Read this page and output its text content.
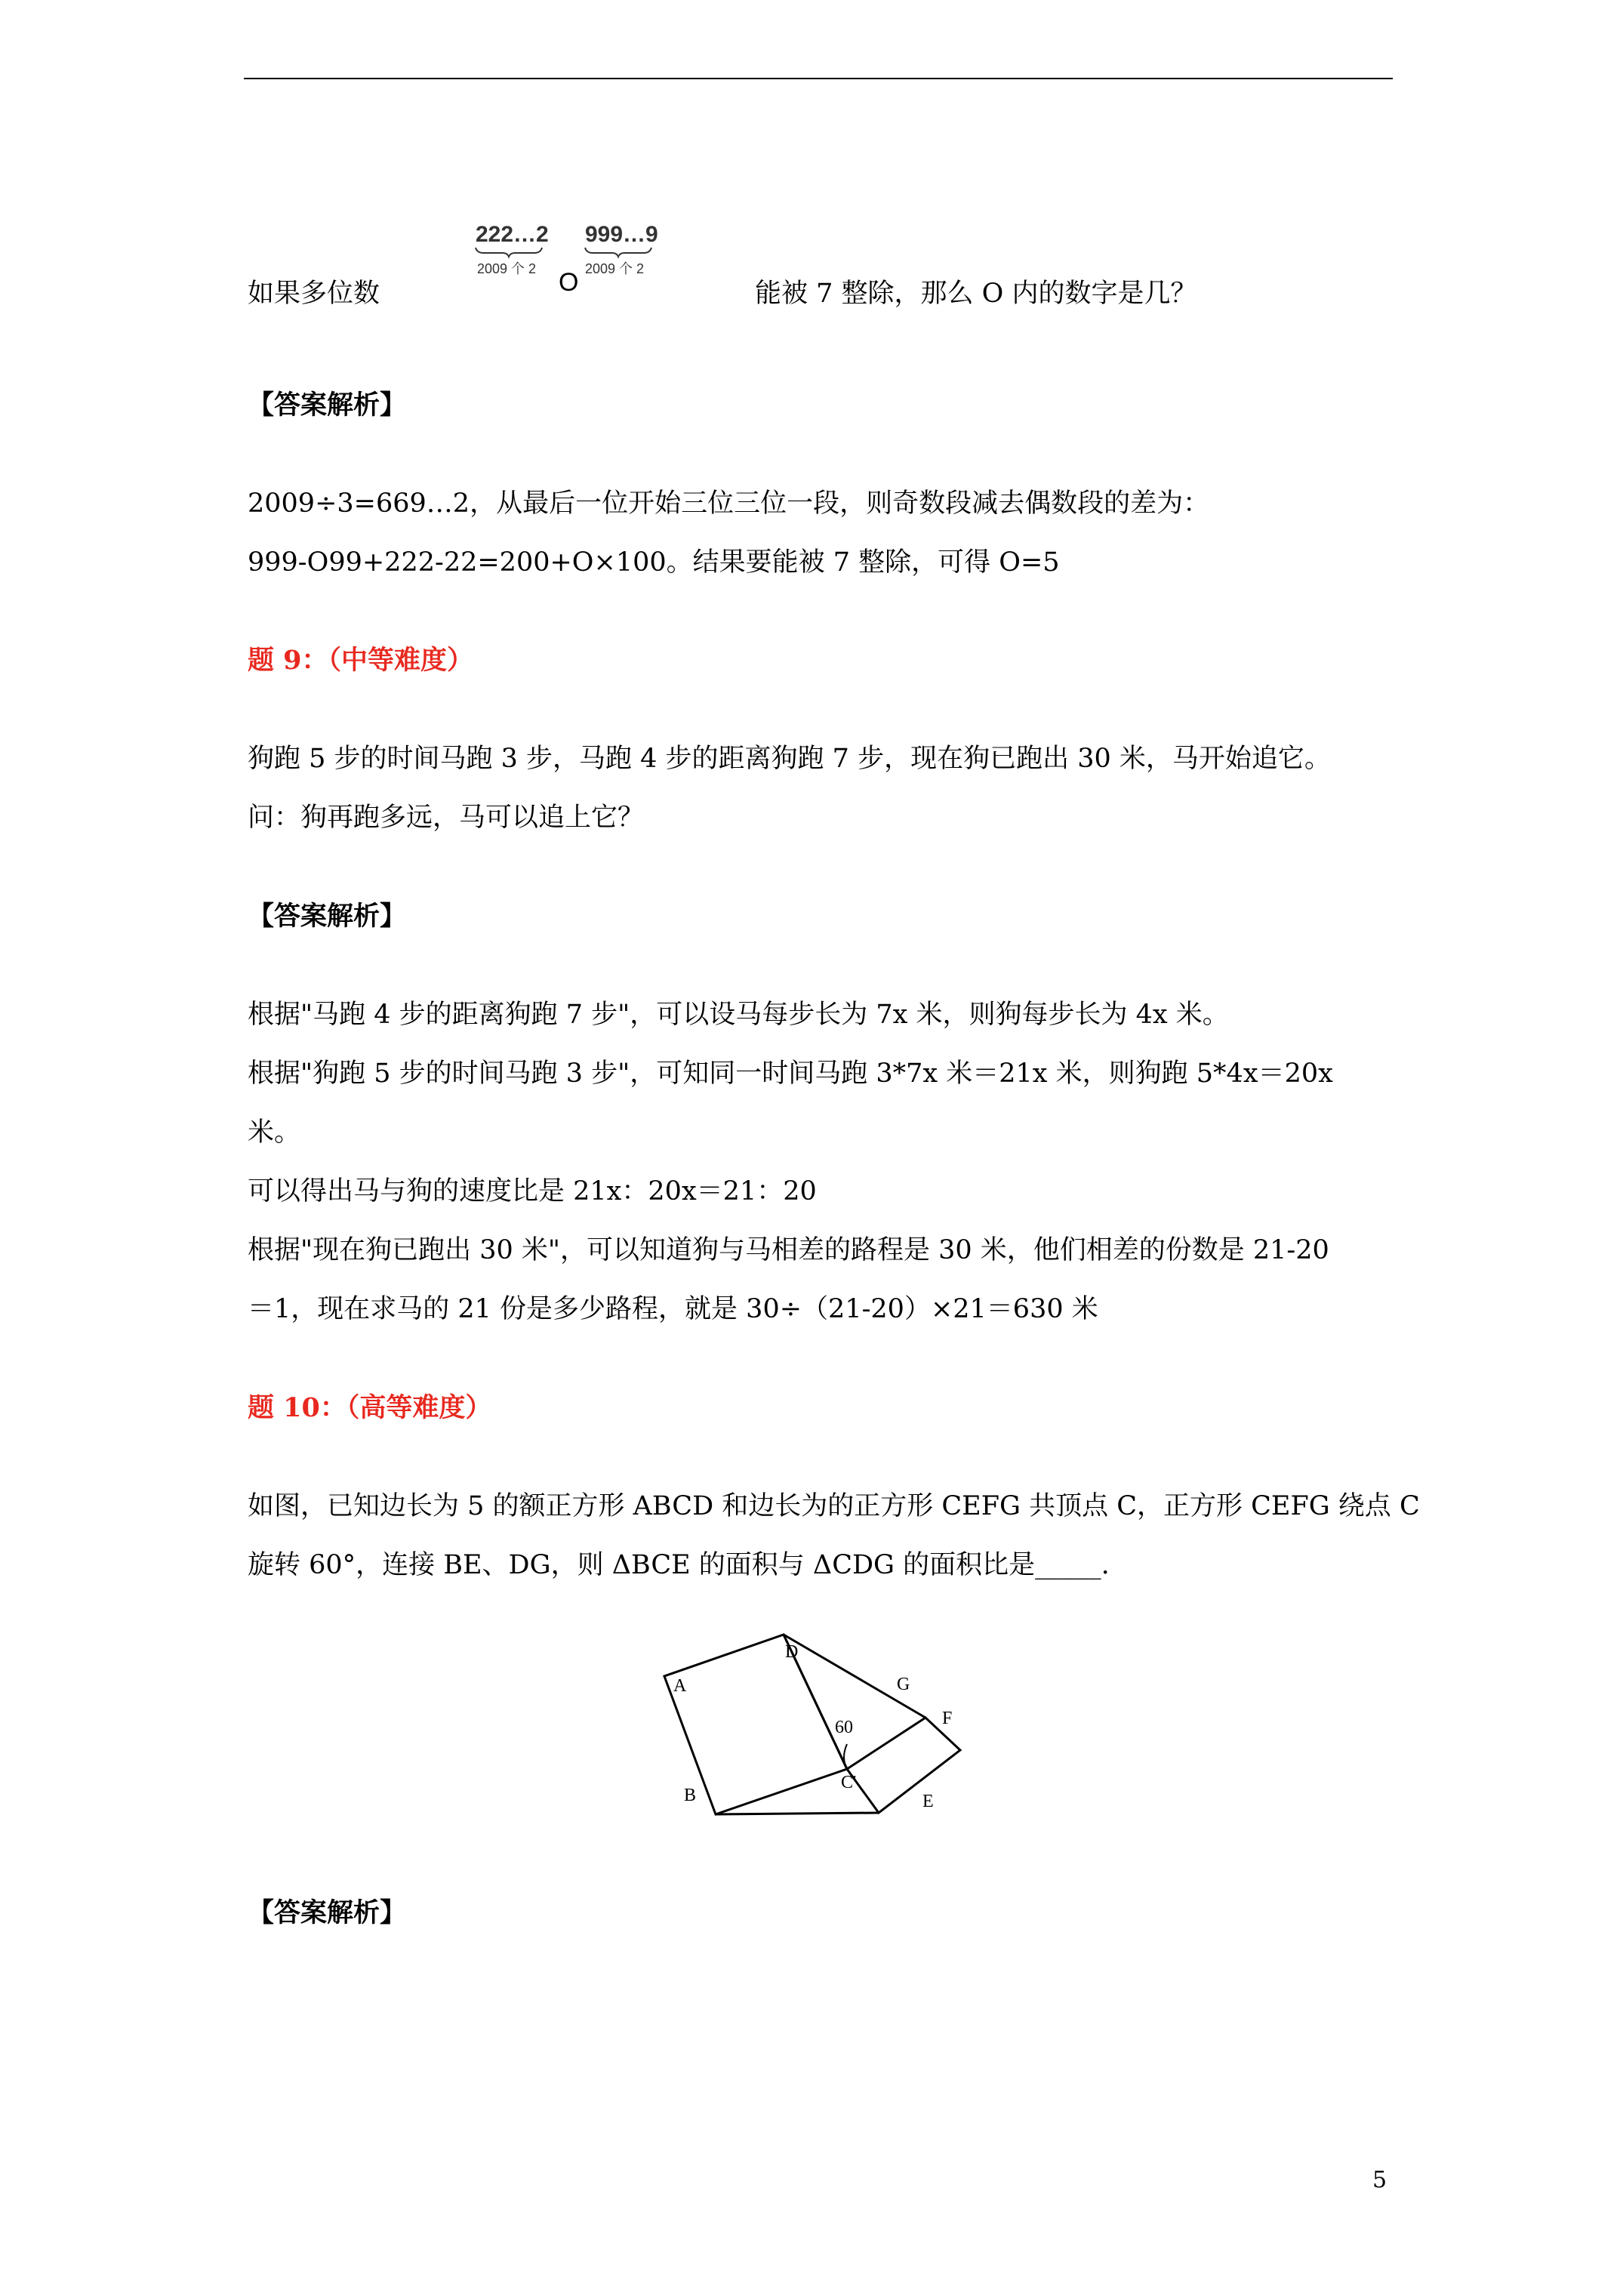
如果多位数
222…2
2009 个 2 O
999…9
2009 个 2
能被 7 整除，那么 O 内的数字是几？
【答案解析】
2009÷3=669…2，从最后一位开始三位三位一段，则奇数段减去偶数段的差为：
999-O99+222-22=200+O×100。结果要能被 7 整除，可得 O=5
题 9：（中等难度）
狗跑 5 步的时间马跑 3 步，马跑 4 步的距离狗跑 7 步，现在狗已跑出 30 米，马开始追它。
问：狗再跑多远，马可以追上它？
【答案解析】
根据"马跑 4 步的距离狗跑 7 步"，可以设马每步长为 7x 米，则狗每步长为 4x 米。
根据"狗跑 5 步的时间马跑 3 步"，可知同一时间马跑 3*7x 米＝21x 米，则狗跑 5*4x＝20x
米。
可以得出马与狗的速度比是 21x：20x＝21：20
根据"现在狗已跑出 30 米"，可以知道狗与马相差的路程是 30 米，他们相差的份数是 21-20
＝1，现在求马的 21 份是多少路程，就是 30÷（21-20）×21＝630 米
题 10：（高等难度）
如图，已知边长为 5 的额正方形 ABCD 和边长为的正方形 CEFG 共顶点 C，正方形 CEFG 绕点 C
旋转 60°，连接 BE、DG，则 ΔBCE 的面积与 ΔCDG 的面积比是_____.
A
B
C'
D
E
F
G
60
【答案解析】
5
